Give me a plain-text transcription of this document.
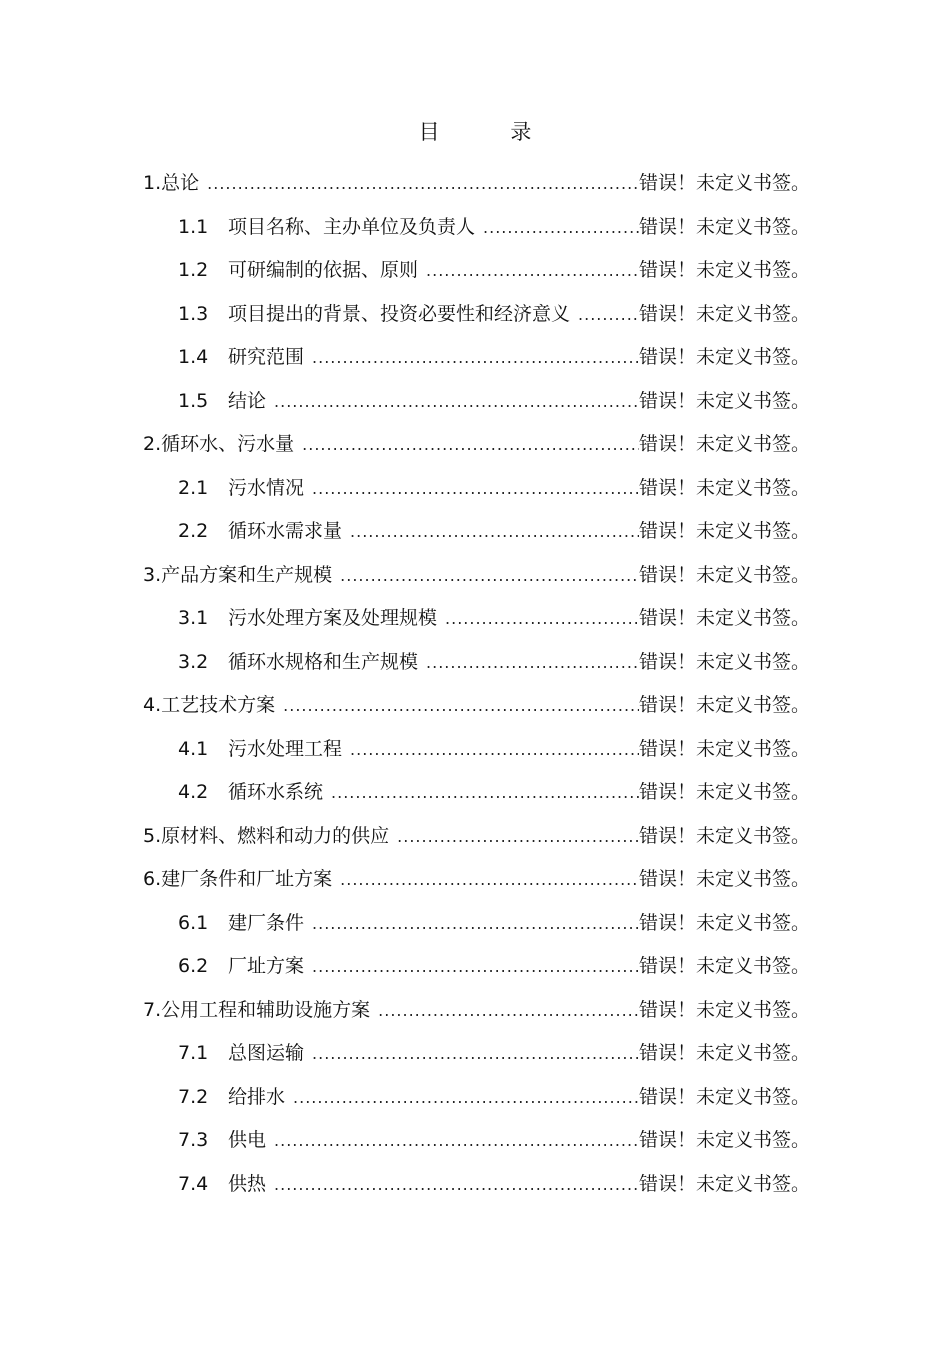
目 录
1.总论 .....	错误！未定义书签。
1.1	项目名称、主办单位及负责人 .....	错误！未定义书签。
1.2	可研编制的依据、原则 .....	错误！未定义书签。
1.3	项目提出的背景、投资必要性和经济意义 .....	错误！未定义书签。
1.4	研究范围 .....	错误！未定义书签。
1.5	结论 .....	错误！未定义书签。
2.循环水、污水量 .....	错误！未定义书签。
2.1	污水情况 .....	错误！未定义书签。
2.2	循环水需求量 .....	错误！未定义书签。
3.产品方案和生产规模 .....	错误！未定义书签。
3.1	污水处理方案及处理规模 .....	错误！未定义书签。
3.2	循环水规格和生产规模 .....	错误！未定义书签。
4.工艺技术方案 .....	错误！未定义书签。
4.1	污水处理工程 .....	错误！未定义书签。
4.2	循环水系统 .....	错误！未定义书签。
5.原材料、燃料和动力的供应 .....	错误！未定义书签。
6.建厂条件和厂址方案 .....	错误！未定义书签。
6.1	建厂条件 .....	错误！未定义书签。
6.2	厂址方案 .....	错误！未定义书签。
7.公用工程和辅助设施方案 .....	错误！未定义书签。
7.1	总图运输 .....	错误！未定义书签。
7.2	给排水 .....	错误！未定义书签。
7.3	供电 .....	错误！未定义书签。
7.4	供热 .....	错误！未定义书签。
